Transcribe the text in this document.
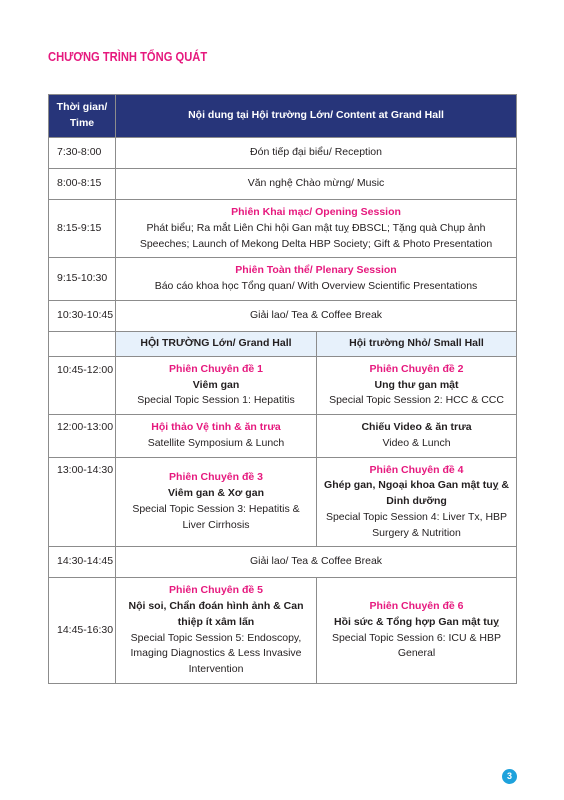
CHƯƠNG TRÌNH TỔNG QUÁT
Thời gian/ Time	Nội dung tại Hội trường Lớn/ Content at Grand Hall	
7:30-8:00	Đón tiếp đại biểu/ Reception	
8:00-8:15	Văn nghệ Chào mừng/ Music	
8:15-9:15	Phiên Khai mạc/ Opening Session
Phát biểu; Ra mắt Liên Chi hội Gan mật tuỵ ĐBSCL; Tặng quà Chụp ảnh
Speeches; Launch of Mekong Delta HBP Society; Gift & Photo Presentation	

9:15-10:30	Phiên Toàn thể/ Plenary Session
Báo cáo khoa học Tổng quan/ With Overview Scientific Presentations	

10:30-10:45	Giải lao/ Tea & Coffee Break	
	HỘI TRƯỜNG Lớn/ Grand Hall	Hội trường Nhỏ/ Small Hall
10:45-12:00	Phiên Chuyên đề 1
Viêm gan
Special Topic Session 1: Hepatitis	Phiên Chuyên đề 2
Ung thư gan mật
Special Topic Session 2: HCC & CCC

12:00-13:00	Hội thảo Vệ tinh & ăn trưa
Satellite Symposium & Lunch	Chiếu Video & ăn trưa
Video & Lunch

13:00-14:30	Phiên Chuyên đề 3
Viêm gan & Xơ gan
Special Topic Session 3: Hepatitis & Liver Cirrhosis	Phiên Chuyên đề 4
Ghép gan, Ngoại khoa Gan mật tuỵ & Dinh dưỡng
Special Topic Session 4: Liver Tx, HBP Surgery & Nutrition

14:30-14:45	Giải lao/ Tea & Coffee Break	
14:45-16:30	Phiên Chuyên đề 5
Nội soi, Chẩn đoán hình ảnh & Can thiệp ít xâm lấn
Special Topic Session 5: Endoscopy, Imaging Diagnostics & Less Invasive Intervention	Phiên Chuyên đề 6
Hồi sức & Tổng hợp Gan mật tuỵ
Special Topic Session 6: ICU & HBP General
3
